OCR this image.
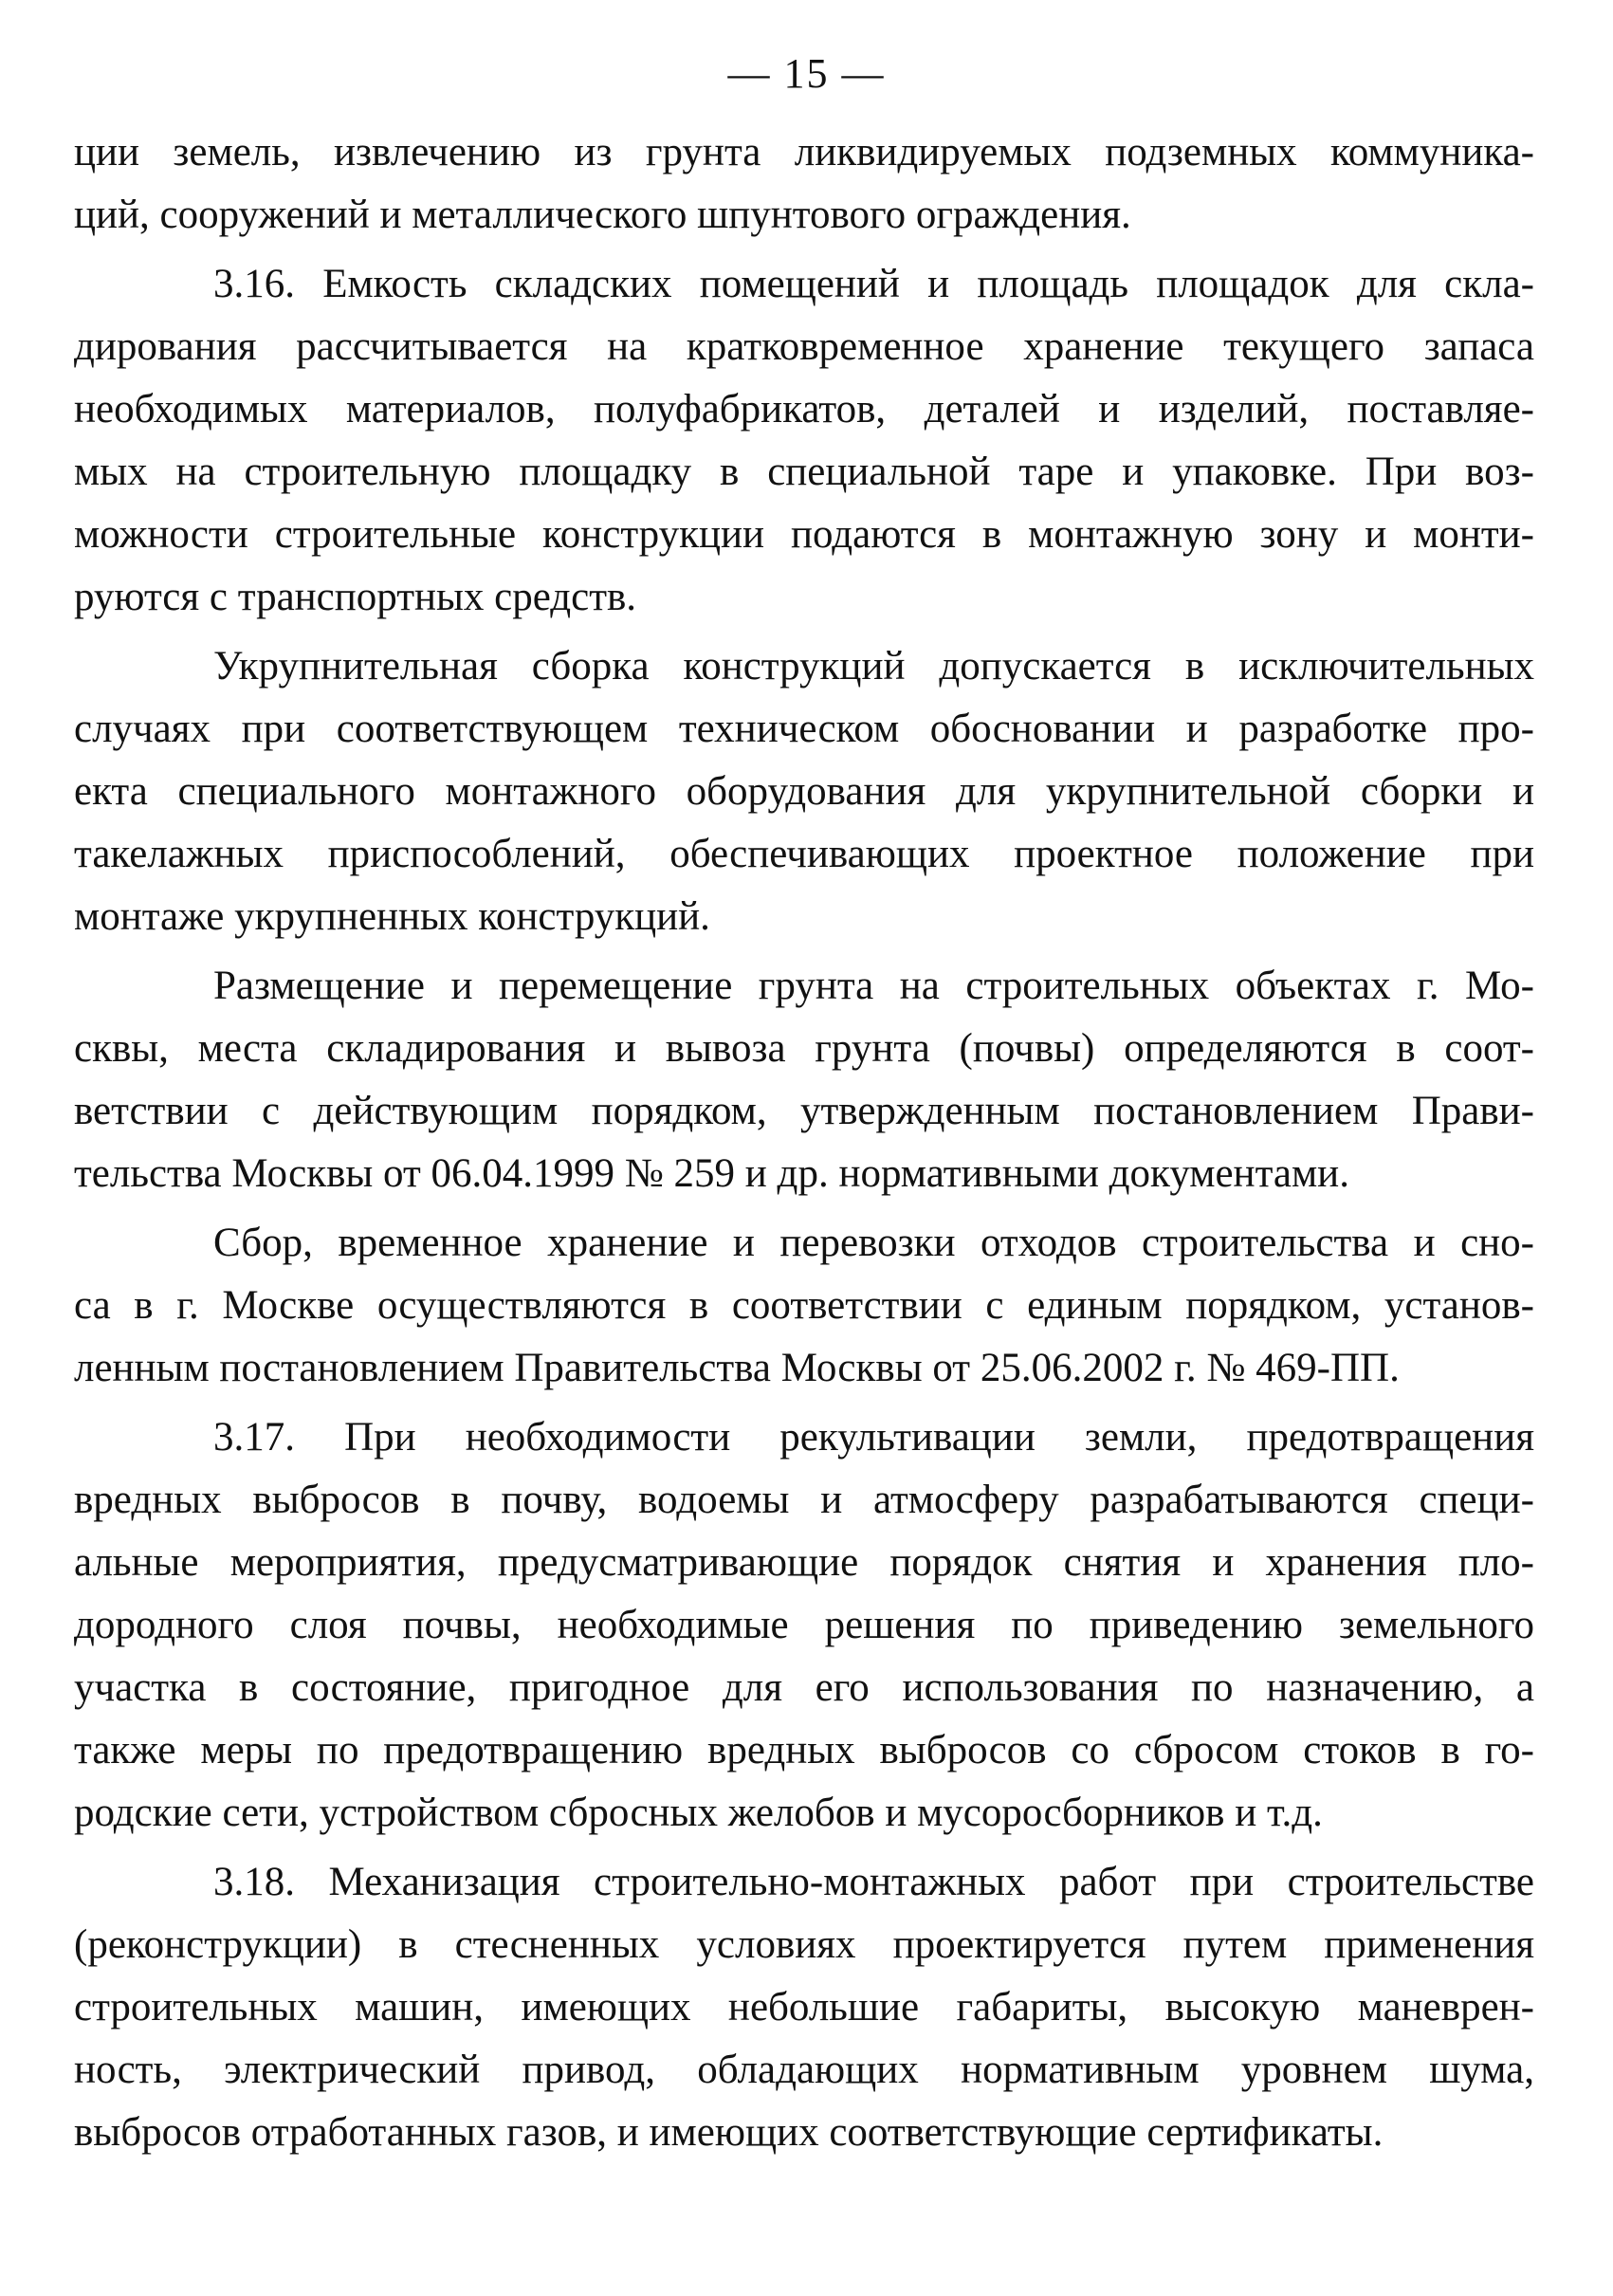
— 15 —
ции земель, извлечению из грунта ликвидируемых подземных коммуника-
ций, сооружений и металлического шпунтового ограждения.
3.16. Емкость складских помещений и площадь площадок для скла-
дирования рассчитывается на кратковременное хранение текущего запаса
необходимых материалов, полуфабрикатов, деталей и изделий, поставляе-
мых на строительную площадку в специальной таре и упаковке. При воз-
можности строительные конструкции подаются в монтажную зону и монти-
руются с транспортных средств.
Укрупнительная сборка конструкций допускается в исключительных
случаях при соответствующем техническом обосновании и разработке про-
екта специального монтажного оборудования для укрупнительной сборки и
такелажных приспособлений, обеспечивающих проектное положение при
монтаже укрупненных конструкций.
Размещение и перемещение грунта на строительных объектах г. Мо-
сквы, места складирования и вывоза грунта (почвы) определяются в соот-
ветствии с действующим порядком, утвержденным постановлением Прави-
тельства Москвы от 06.04.1999 № 259 и др. нормативными документами.
Сбор, временное хранение и перевозки отходов строительства и сно-
са в г. Москве осуществляются в соответствии с единым порядком, установ-
ленным постановлением Правительства Москвы от 25.06.2002 г. № 469-ПП.
3.17. При необходимости рекультивации земли, предотвращения
вредных выбросов в почву, водоемы и атмосферу разрабатываются специ-
альные мероприятия, предусматривающие порядок снятия и хранения пло-
дородного слоя почвы, необходимые решения по приведению земельного
участка в состояние, пригодное для его использования по назначению, а
также меры по предотвращению вредных выбросов со сбросом стоков в го-
родские сети, устройством сбросных желобов и мусоросборников и т.д.
3.18. Механизация строительно-монтажных работ при строительстве
(реконструкции) в стесненных условиях проектируется путем применения
строительных машин, имеющих небольшие габариты, высокую маневрен-
ность, электрический привод, обладающих нормативным уровнем шума,
выбросов отработанных газов, и имеющих соответствующие сертификаты.
